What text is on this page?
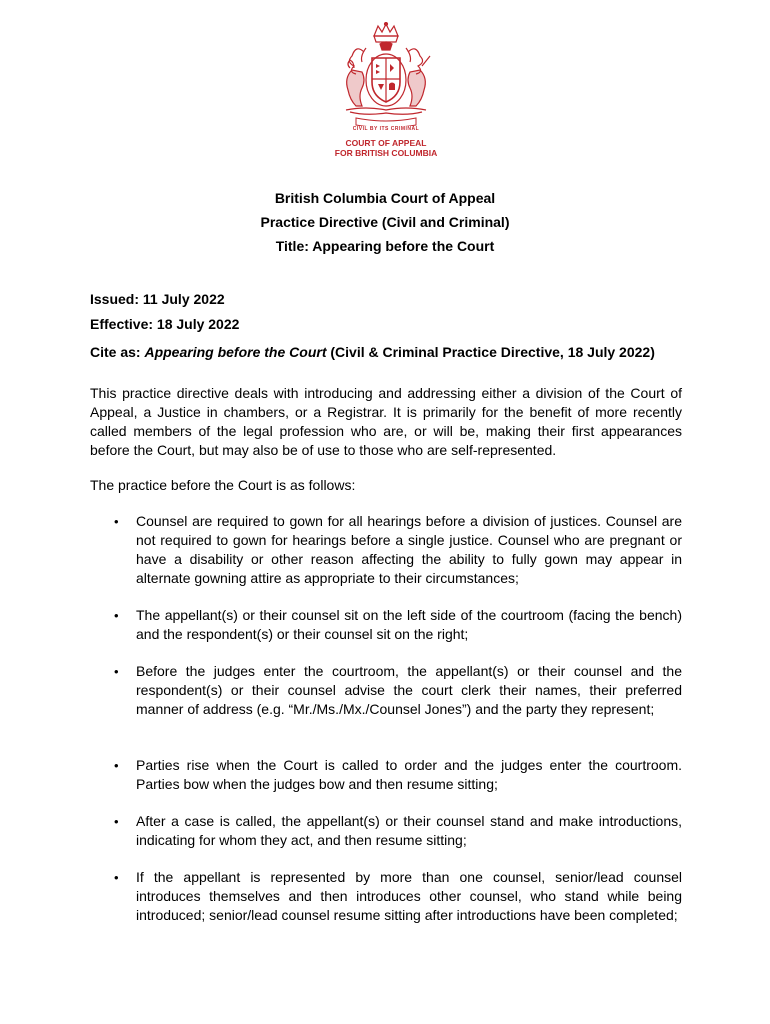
CIVIL BY ITS CRIMINAL
COURT OF APPEAL
FOR BRITISH COLUMBIA
British Columbia Court of Appeal
Practice Directive (Civil and Criminal)
Title: Appearing before the Court
Issued: 11 July 2022
Effective: 18 July 2022
Cite as: Appearing before the Court (Civil & Criminal Practice Directive, 18 July 2022)
This practice directive deals with introducing and addressing either a division of the Court of Appeal, a Justice in chambers, or a Registrar. It is primarily for the benefit of more recently called members of the legal profession who are, or will be, making their first appearances before the Court, but may also be of use to those who are self-represented.
The practice before the Court is as follows:
• Counsel are required to gown for all hearings before a division of justices. Counsel are not required to gown for hearings before a single justice. Counsel who are pregnant or have a disability or other reason affecting the ability to fully gown may appear in alternate gowning attire as appropriate to their circumstances;
• The appellant(s) or their counsel sit on the left side of the courtroom (facing the bench) and the respondent(s) or their counsel sit on the right;
• Before the judges enter the courtroom, the appellant(s) or their counsel and the respondent(s) or their counsel advise the court clerk their names, their preferred manner of address (e.g. “Mr./Ms./Mx./Counsel Jones”) and the party they represent;
• Parties rise when the Court is called to order and the judges enter the courtroom. Parties bow when the judges bow and then resume sitting;
• After a case is called, the appellant(s) or their counsel stand and make introductions, indicating for whom they act, and then resume sitting;
• If the appellant is represented by more than one counsel, senior/lead counsel introduces themselves and then introduces other counsel, who stand while being introduced; senior/lead counsel resume sitting after introductions have been completed;
